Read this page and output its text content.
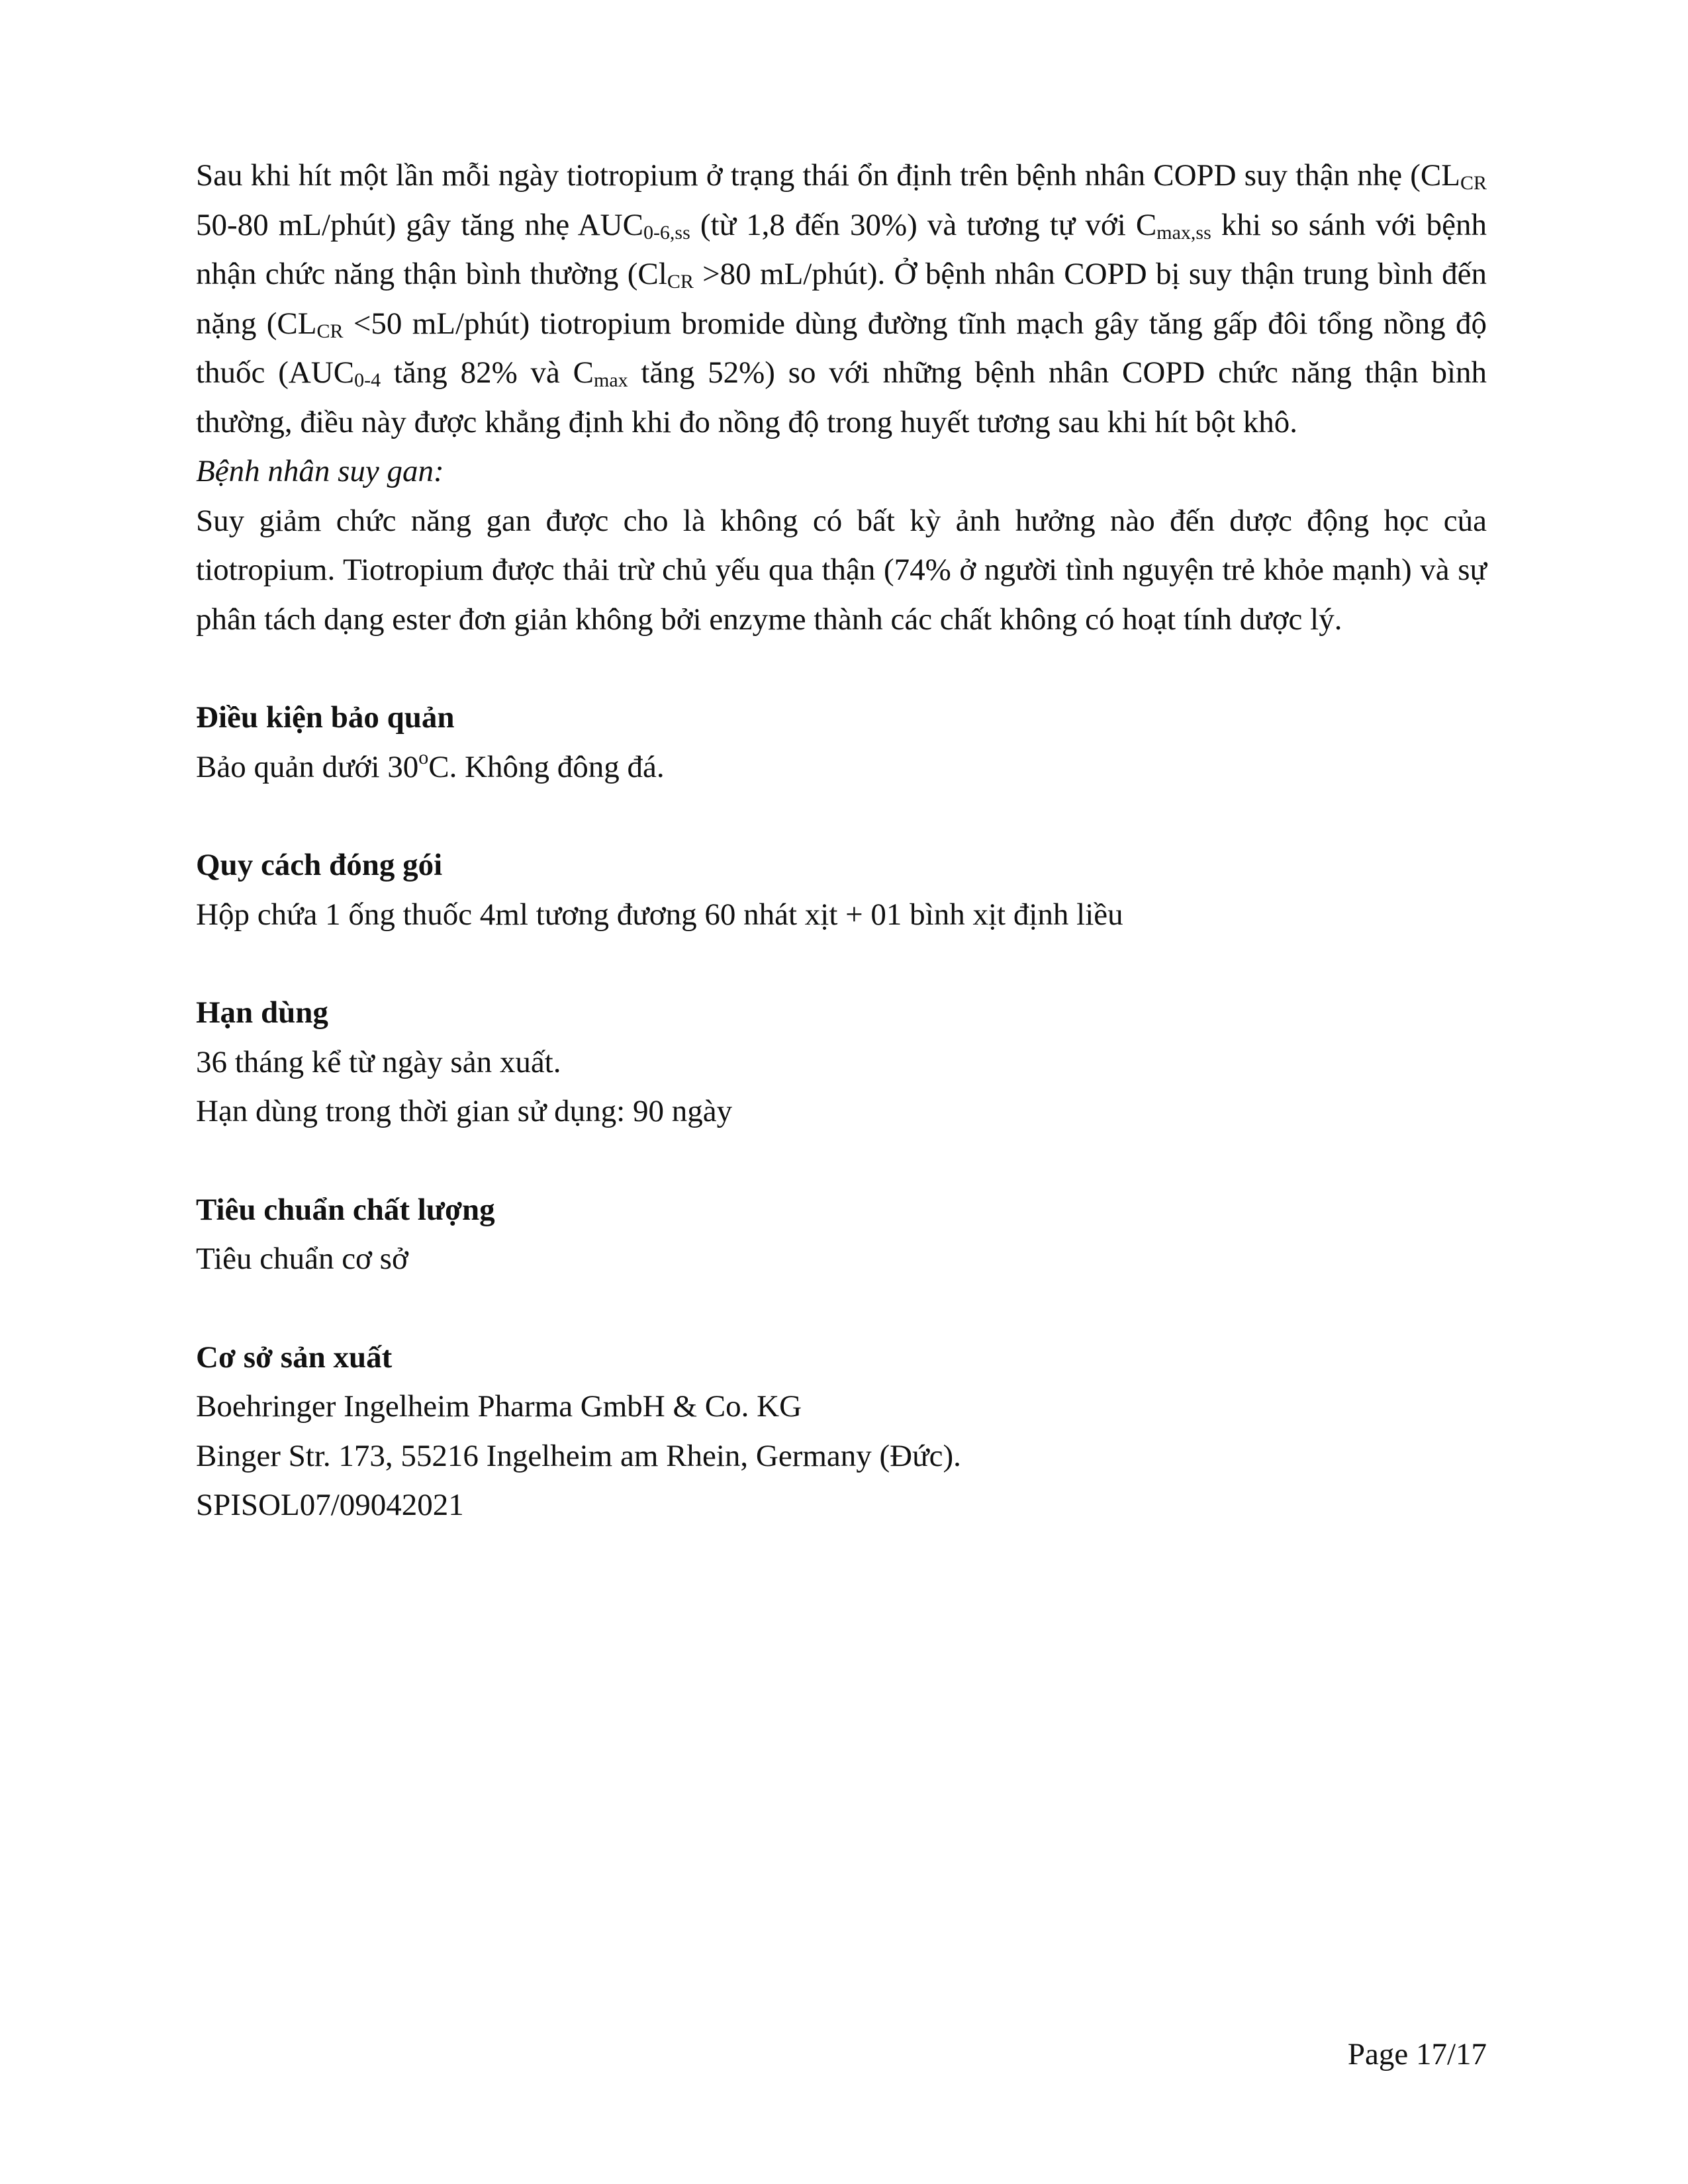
Sau khi hít một lần mỗi ngày tiotropium ở trạng thái ổn định trên bệnh nhân COPD suy thận nhẹ ($CL_{CR}$ 50-80 mL/phút) gây tăng nhẹ $AUC_{0-6,ss}$ (từ 1,8 đến 30%) và tương tự với $C_{max,ss}$ khi so sánh với bệnh nhận chức năng thận bình thường ($Cl_{CR} >80$ mL/phút). Ở bệnh nhân COPD bị suy thận trung bình đến nặng ($CL_{CR} <50$ mL/phút) tiotropium bromide dùng đường tĩnh mạch gây tăng gấp đôi tổng nồng độ thuốc ($AUC_{0-4}$ tăng 82% và $C_{max}$ tăng 52%) so với những bệnh nhân COPD chức năng thận bình thường, điều này được khẳng định khi đo nồng độ trong huyết tương sau khi hít bột khô.

Bệnh nhân suy gan:

Suy giảm chức năng gan được cho là không có bất kỳ ảnh hưởng nào đến dược động học của tiotropium. Tiotropium được thải trừ chủ yếu qua thận (74% ở người tình nguyện trẻ khỏe mạnh) và sự phân tách dạng ester đơn giản không bởi enzyme thành các chất không có hoạt tính dược lý.

Điều kiện bảo quản

Bảo quản dưới 30$^o$C. Không đông đá.

Quy cách đóng gói

Hộp chứa 1 ống thuốc 4ml tương đương 60 nhát xịt + 01 bình xịt định liều

Hạn dùng

36 tháng kể từ ngày sản xuất.

Hạn dùng trong thời gian sử dụng: 90 ngày

Tiêu chuẩn chất lượng

Tiêu chuẩn cơ sở

Cơ sở sản xuất

Boehringer Ingelheim Pharma GmbH & Co. KG

Binger Str. 173, 55216 Ingelheim am Rhein, Germany (Đức).

SPISOL07/09042021

Page 17/17
